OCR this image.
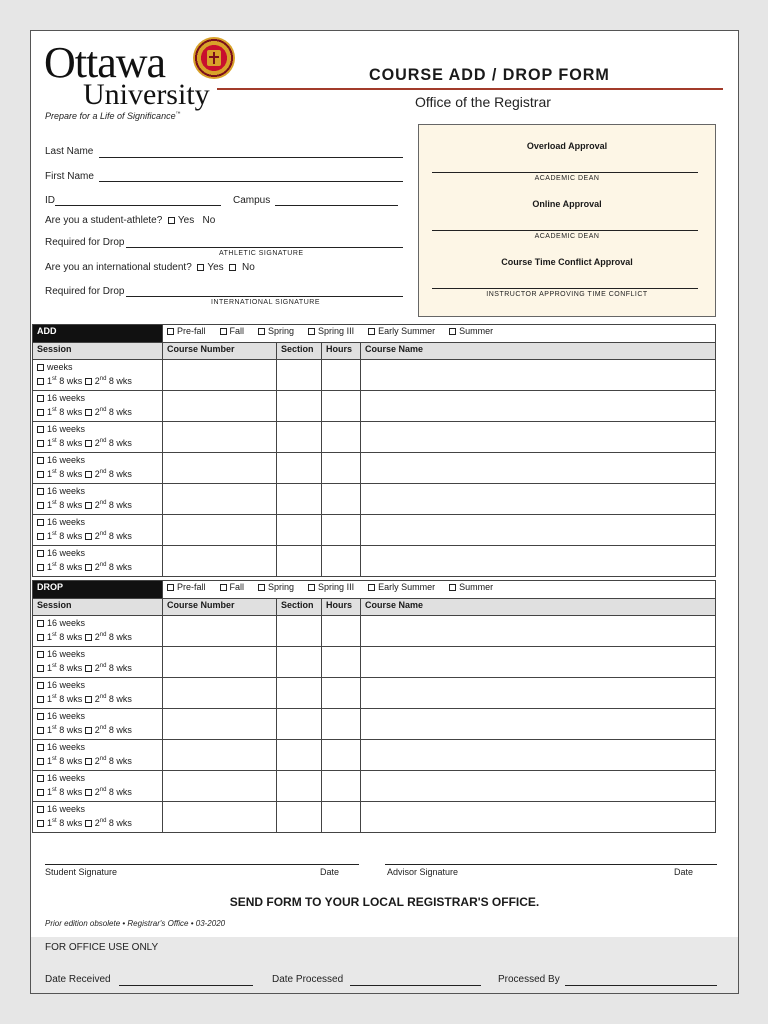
Ottawa
University
Prepare for a Life of Significance™
COURSE ADD / DROP FORM
Office of the Registrar
Last Name
First Name
ID	Campus
Are you a student-athlete? Yes No
Required for Drop
ATHLETIC SIGNATURE
Are you an international student? Yes No
Required for Drop
INTERNATIONAL SIGNATURE
Overload Approval
ACADEMIC DEAN
Online Approval
ACADEMIC DEAN
Course Time Conflict Approval
INSTRUCTOR APPROVING TIME CONFLICT
ADD	Pre-fall Fall Spring Spring III Early Summer Summer			
Session	Course Number	Section	Hours	Course Name

weeks
1st 8 wks 2nd 8 wks				

16 weeks
1st 8 wks 2nd 8 wks				

16 weeks
1st 8 wks 2nd 8 wks				

16 weeks
1st 8 wks 2nd 8 wks				

16 weeks
1st 8 wks 2nd 8 wks				

16 weeks
1st 8 wks 2nd 8 wks				

16 weeks
1st 8 wks 2nd 8 wks				

DROP	Pre-fall Fall Spring Spring III Early Summer Summer			
Session	Course Number	Section	Hours	Course Name

16 weeks
1st 8 wks 2nd 8 wks				

16 weeks
1st 8 wks 2nd 8 wks				

16 weeks
1st 8 wks 2nd 8 wks				

16 weeks
1st 8 wks 2nd 8 wks				

16 weeks
1st 8 wks 2nd 8 wks				

16 weeks
1st 8 wks 2nd 8 wks				

16 weeks
1st 8 wks 2nd 8 wks				

Student Signature	Date	Advisor Signature	Date
SEND FORM TO YOUR LOCAL REGISTRAR'S OFFICE.
Prior edition obsolete • Registrar's Office • 03-2020
FOR OFFICE USE ONLY
Date Received	Date Processed	Processed By
